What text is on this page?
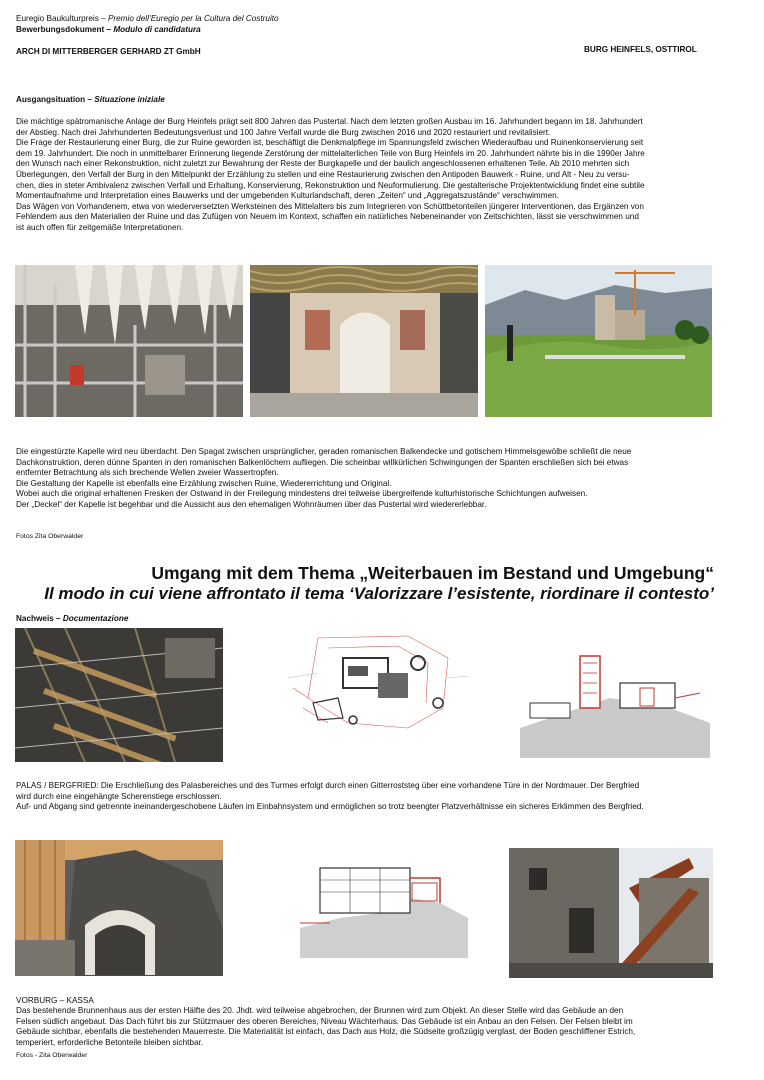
Euregio Baukulturpreis – Premio dell’Euregio per la Cultura del Costruito
Bewerbungsdokument – Modulo di candidatura
ARCH DI MITTERBERGER GERHARD ZT GmbH	BURG HEINFELS, OSTTIROL
Ausgangsituation – Situazione iniziale
Die mächtige spätromanische Anlage der Burg Heinfels prägt seit 800 Jahren das Pustertal. Nach dem letzten großen Ausbau im 16. Jahrhundert begann im 18. Jahrhundert
der Abstieg. Nach drei Jahrhunderten Bedeutungsverlust und 100 Jahre Verfall wurde die Burg zwischen 2016 und 2020 restauriert und revitalisiert.
Die Frage der Restaurierung einer Burg, die zur Ruine geworden ist, beschäftigt die Denkmalpflege im Spannungsfeld zwischen Wiederaufbau und Ruinenkonservierung seit
dem 19. Jahrhundert. Die noch in unmittelbarer Erinnerung liegende Zerstörung der mittelalterlichen Teile von Burg Heinfels im 20. Jahrhundert nährte bis in die 1990er Jahre
den Wunsch nach einer Rekonstruktion, nicht zuletzt zur Bewahrung der Reste der Burgkapelle und der baulich angeschlossenen erhaltenen Teile. Ab 2010 mehrten sich
Überlegungen, den Verfall der Burg in den Mittelpunkt der Erzählung zu stellen und eine Restaurierung zwischen den Antipoden Bauwerk - Ruine, und Alt - Neu zu versu-
chen, dies in steter Ambivalenz zwischen Verfall und Erhaltung, Konservierung, Rekonstruktion und Neuformulierung. Die gestalterische Projektentwicklung findet eine subtile
Momentaufnahme und Interpretation eines Bauwerks und der umgebenden Kulturlandschaft, deren „Zeiten“ und „Aggregatszustände“ verschwimmen.
Das Wägen von Vorhandenem, etwa von wiederversetzten Werksteinen des Mittelalters bis zum Integrieren von Schüttbetonteilen jüngerer Interventionen, das Ergänzen von
Fehlendem aus den Materialien der Ruine und das Zufügen von Neuem im Kontext, schaffen ein natürliches Nebeneinander von Zeitschichten, lässt sie verschwimmen und
ist auch offen für zeitgemäße Interpretationen.
Die eingestürzte Kapelle wird neu überdacht. Den Spagat zwischen ursprünglicher, geraden romanischen Balkendecke und gotischem Himmelsgewölbe schließt die neue
Dachkonstruktion, deren dünne Spanten in den romanischen Balkenlöchern aufliegen. Die scheinbar willkürlichen Schwingungen der Spanten erschließen sich bei etwas
entfernter Betrachtung als sich brechende Wellen zweier Wassertropfen.
Die Gestaltung der Kapelle ist ebenfalls eine Erzählung zwischen Ruine, Wiedererrichtung und Original.
Wobei auch die original erhaltenen Fresken der Ostwand in der Freilegung mindestens drei teilweise übergreifende kulturhistorische Schichtungen aufweisen.
Der „Deckel“ der Kapelle ist begehbar und die Aussicht aus den ehemaligen Wohnräumen über das Pustertal wird wiedererlebbar.
Fotos Zita Oberwalder
Umgang mit dem Thema „Weiterbauen im Bestand und Umgebung“
Il modo in cui viene affrontato il tema ‘Valorizzare l’esistente, riordinare il contesto’
Nachweis – Documentazione
PALAS / BERGFRIED: Die Erschließung des Palasbereiches und des Turmes erfolgt durch einen Gitterroststeg über eine vorhandene Türe in der Nordmauer. Der Bergfried
wird durch eine eingehängte Scherenstiege erschlossen.
Auf- und Abgang sind getrennte ineinandergeschobene Läufen im Einbahnsystem und ermöglichen so trotz beengter Platzverhältnisse ein sicheres Erklimmen des Bergfried.
VORBURG – KASSA
Das bestehende Brunnenhaus aus der ersten Hälfte des 20. Jhdt. wird teilweise abgebrochen, der Brunnen wird zum Objekt. An dieser Stelle wird das Gebäude an den
Felsen südlich angebaut. Das Dach führt bis zur Stützmauer des oberen Bereiches, Niveau Wächterhaus. Das Gebäude ist ein Anbau an den Felsen. Der Felsen bleibt im
Gebäude sichtbar, ebenfalls die bestehenden Mauerreste. Die Materialität ist einfach, das Dach aus Holz, die Südseite großzügig verglast, der Boden geschliffener Estrich,
temperiert, erforderliche Betonteile bleiben sichtbar.
Fotos - Zita Oberwalder
